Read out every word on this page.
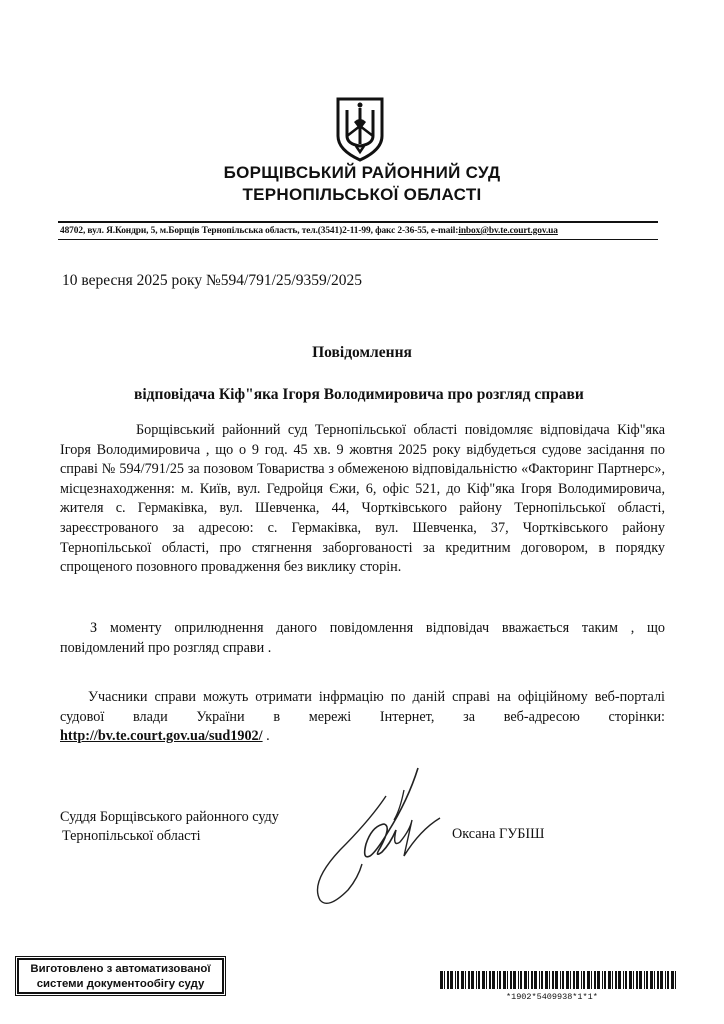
БОРЩІВСЬКИЙ РАЙОННИЙ СУД
ТЕРНОПІЛЬСЬКОЇ ОБЛАСТІ
48702, вул. Я.Кондри, 5, м.Борщів Тернопільська область, тел.(3541)2-11-99, факс 2-36-55, e-mail:inbox@bv.te.court.gov.ua
10 вересня 2025 року №594/791/25/9359/2025
Повідомлення
відповідача Кіф"яка Ігоря Володимировича про розгляд справи
Борщівський районний суд Тернопільської області повідомляє відповідача Кіф"яка Ігоря Володимировича , що о 9 год. 45 хв. 9 жовтня 2025 року відбудеться судове засідання по справі № 594/791/25 за позовом Товариства з обмеженою відповідальністю «Факторинг Партнерс», місцезнаходження: м. Київ, вул. Гедройця Єжи, 6, офіс 521, до Кіф"яка Ігоря Володимировича, жителя с. Гермаківка, вул. Шевченка, 44, Чортківського району Тернопільської області, зареєстрованого за адресою: с. Гермаківка, вул. Шевченка, 37, Чортківського району Тернопільської області, про стягнення заборгованості за кредитним договором, в порядку спрощеного позовного провадження без виклику сторін.
З моменту оприлюднення даного повідомлення відповідач вважається таким , що повідомлений про розгляд справи .
Учасники справи можуть отримати інфрмацію по даній справі на офіційному веб-порталі судової влади України в мережі Інтернет, за веб-адресою сторінки: http://bv.te.court.gov.ua/sud1902/ .
Суддя Борщівського районного суду
Тернопільської області	Оксана ГУБІШ
Виготовлено з автоматизованої
системи документообігу суду
*1902*5409938*1*1*
